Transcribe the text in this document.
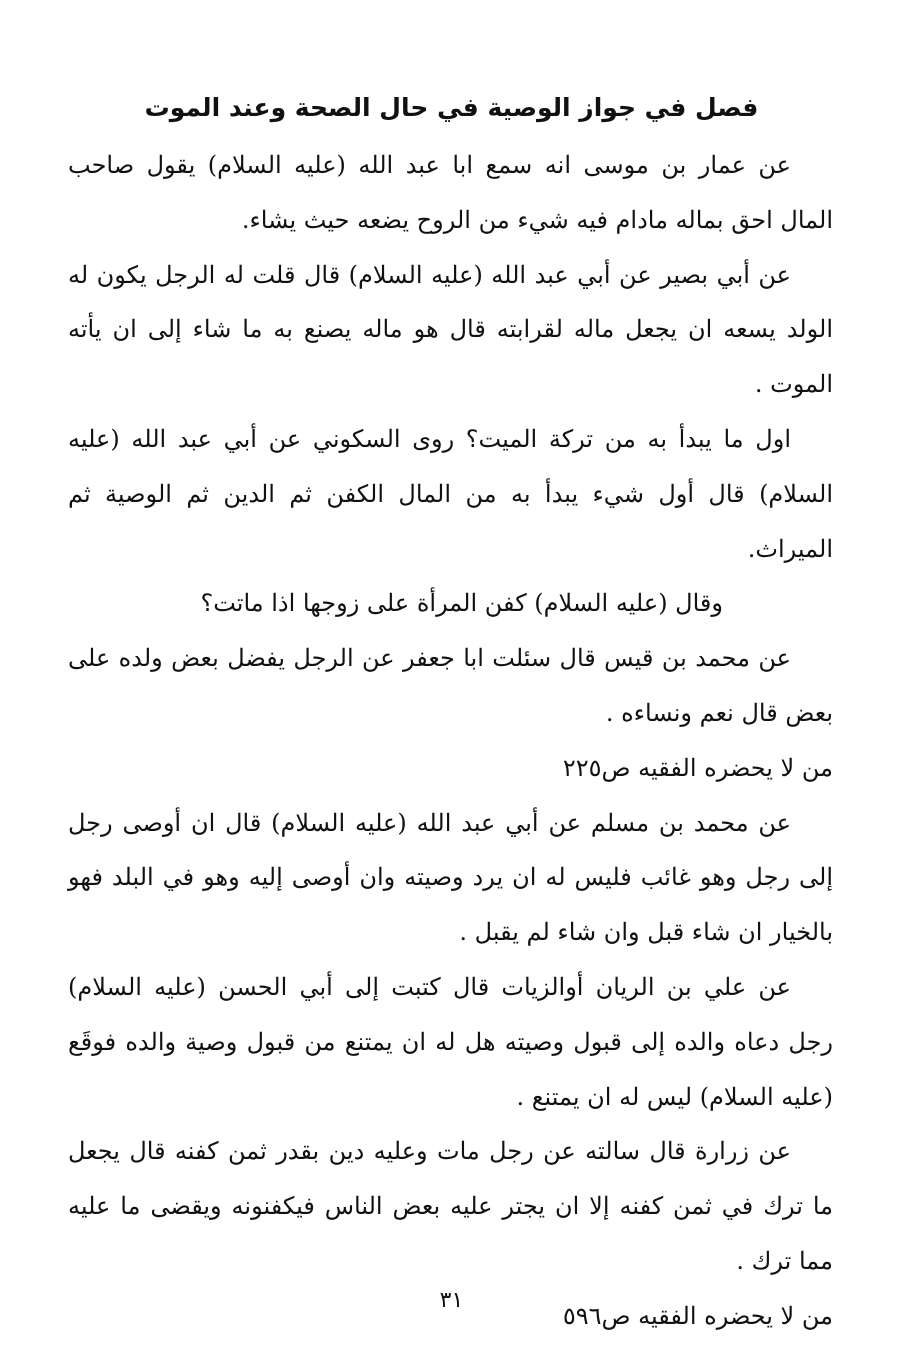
فصل في جواز الوصية في حال الصحة وعند الموت

عن عمار بن موسى انه سمع ابا عبد الله (عليه السلام) يقول صاحب المال احق بماله مادام فيه شيء من الروح يضعه حيث يشاء.

عن أبي بصير عن أبي عبد الله (عليه السلام) قال قلت له الرجل يكون له الولد يسعه ان يجعل ماله لقرابته قال هو ماله يصنع به ما شاء إلى ان يأته الموت .

اول ما يبدأ به من تركة الميت؟ روى السكوني عن أبي عبد الله (عليه السلام) قال أول شيء يبدأ به من المال الكفن ثم الدين ثم الوصية ثم الميراث.

وقال (عليه السلام) كفن المرأة على زوجها اذا ماتت؟

عن محمد بن قيس قال سئلت ابا جعفر عن الرجل يفضل بعض ولده على بعض قال نعم ونساءه .

من لا يحضره الفقيه ص٢٢٥

عن محمد بن مسلم عن أبي عبد الله (عليه السلام) قال ان أوصى رجل إلى رجل وهو غائب فليس له ان يرد وصيته وان أوصى إليه وهو في البلد فهو بالخيار ان شاء قبل وان شاء لم يقبل .

عن علي بن الريان أوالزيات قال كتبت إلى أبي الحسن (عليه السلام) رجل دعاه والده إلى قبول وصيته هل له ان يمتنع من قبول وصية والده فوقَع (عليه السلام) ليس له ان يمتنع .

عن زرارة قال سالته عن رجل مات وعليه دين بقدر ثمن كفنه قال يجعل ما ترك في ثمن كفنه إلا ان يجتر عليه بعض الناس فيكفنونه ويقضى ما عليه مما ترك .

من لا يحضره الفقيه ص٥٩٦

٣١
